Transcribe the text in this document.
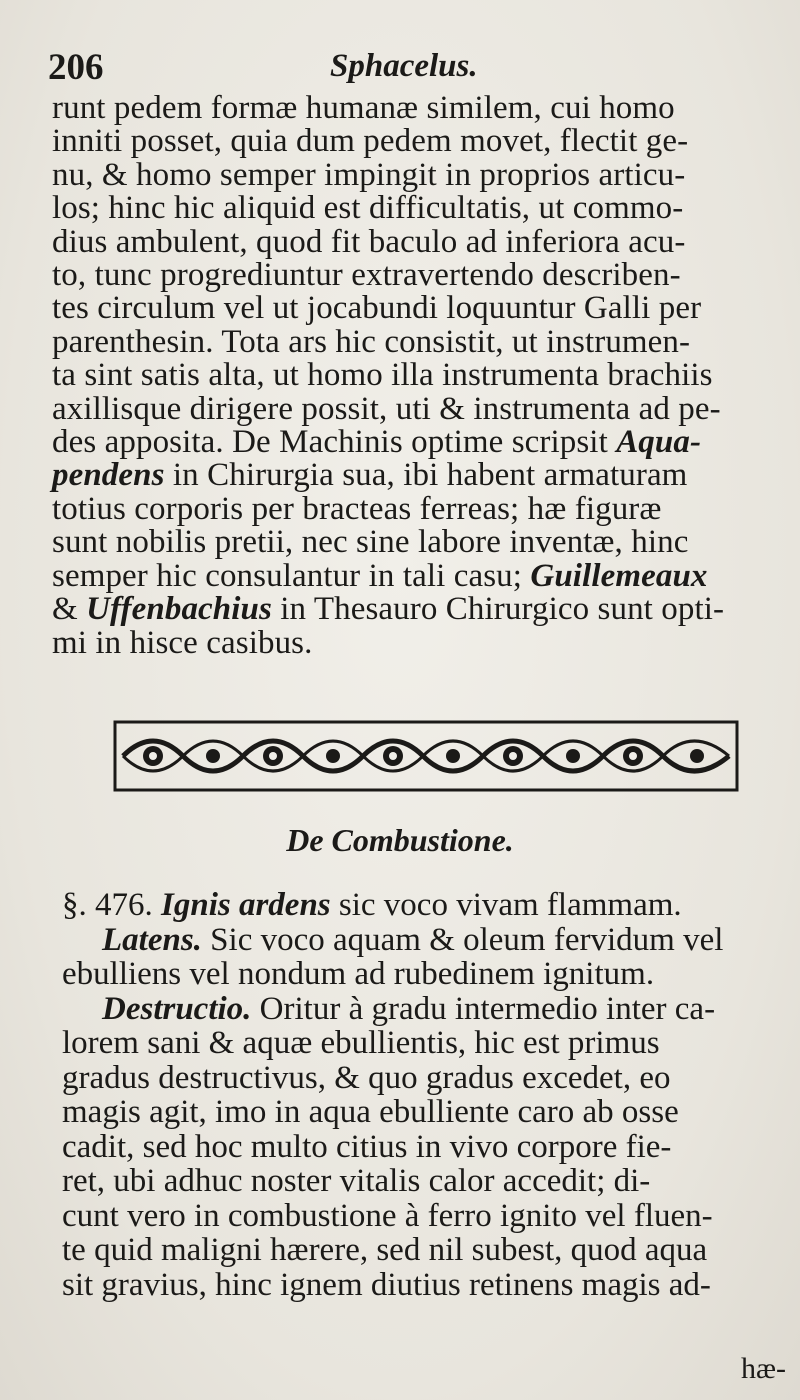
206	Sphacelus.
runt pedem formæ humanæ similem, cui homo
inniti posset, quia dum pedem movet, flectit ge-
nu, & homo semper impingit in proprios articu-
los; hinc hic aliquid est difficultatis, ut commo-
dius ambulent, quod fit baculo ad inferiora acu-
to, tunc progrediuntur extravertendo describen-
tes circulum vel ut jocabundi loquuntur Galli per
parenthesin. Tota ars hic consistit, ut instrumen-
ta sint satis alta, ut homo illa instrumenta brachiis
axillisque dirigere possit, uti & instrumenta ad pe-
des apposita. De Machinis optime scripsit Aqua-
pendens in Chirurgia sua, ibi habent armaturam
totius corporis per bracteas ferreas; hæ figuræ
sunt nobilis pretii, nec sine labore inventæ, hinc
semper hic consulantur in tali casu; Guillemeaux
& Uffenbachius in Thesauro Chirurgico sunt opti-
mi in hisce casibus.
De Combustione.
§. 476. Ignis ardens sic voco vivam flammam.
Latens. Sic voco aquam & oleum fervidum vel
ebulliens vel nondum ad rubedinem ignitum.
Destructio. Oritur à gradu intermedio inter ca-
lorem sani & aquæ ebullientis, hic est primus
gradus destructivus, & quo gradus excedet, eo
magis agit, imo in aqua ebulliente caro ab osse
cadit, sed hoc multo citius in vivo corpore fie-
ret, ubi adhuc noster vitalis calor accedit; di-
cunt vero in combustione à ferro ignito vel fluen-
te quid maligni hærere, sed nil subest, quod aqua
sit gravius, hinc ignem diutius retinens magis ad-
hæ-
